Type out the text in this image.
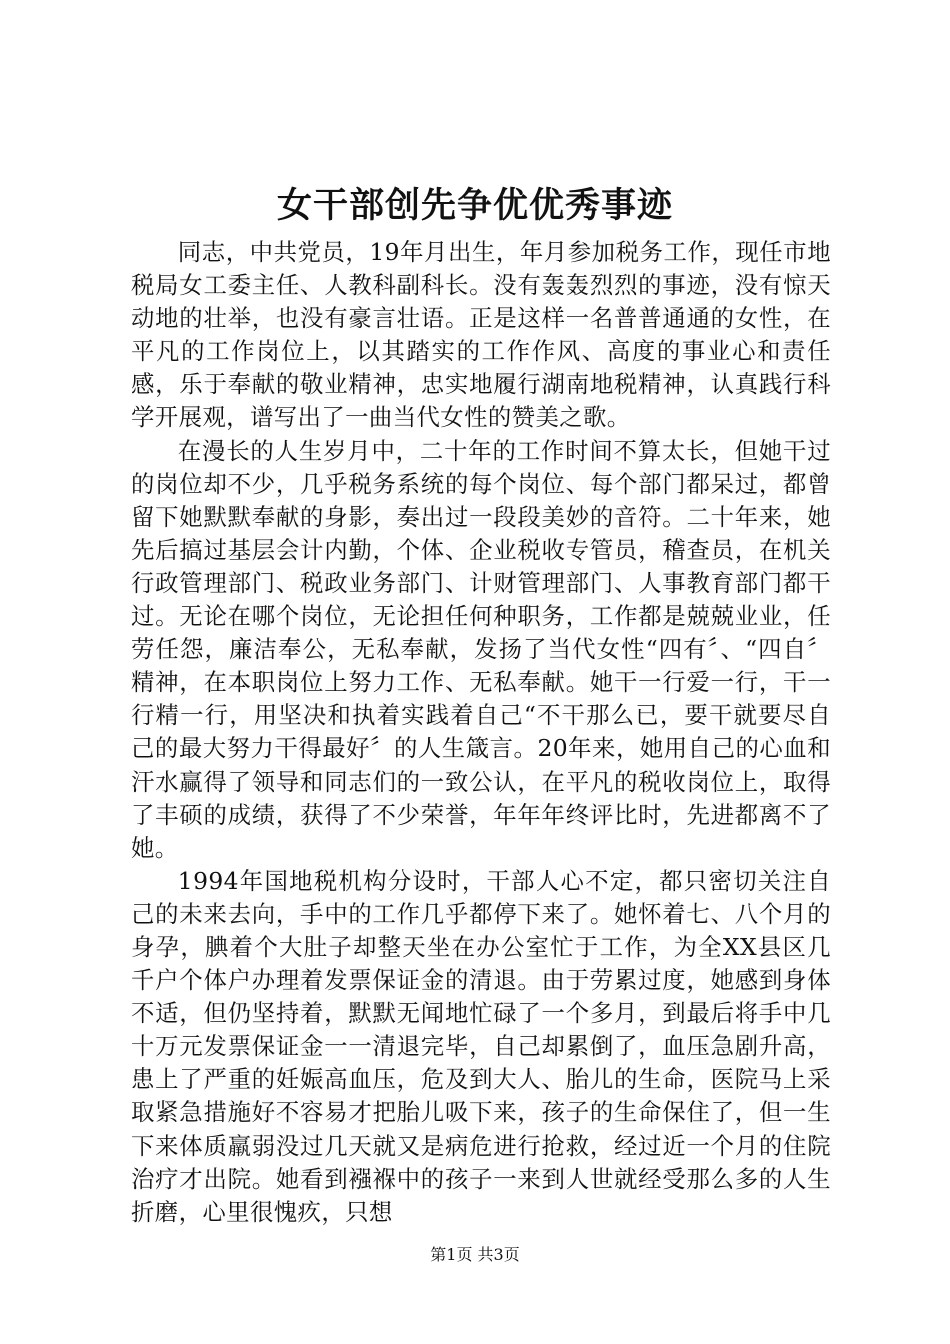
女干部创先争优优秀事迹

同志，中共党员，19年月出生，年月参加税务工作，现任市地税局女工委主任、人教科副科长。没有轰轰烈烈的事迹，没有惊天动地的壮举，也没有豪言壮语。正是这样一名普普通通的女性，在平凡的工作岗位上，以其踏实的工作作风、高度的事业心和责任感，乐于奉献的敬业精神，忠实地履行湖南地税精神，认真践行科学开展观，谱写出了一曲当代女性的赞美之歌。

在漫长的人生岁月中，二十年的工作时间不算太长，但她干过的岗位却不少，几乎税务系统的每个岗位、每个部门都呆过，都曾留下她默默奉献的身影，奏出过一段段美妙的音符。二十年来，她先后搞过基层会计内勤，个体、企业税收专管员，稽查员，在机关行政管理部门、税政业务部门、计财管理部门、人事教育部门都干过。无论在哪个岗位，无论担任何种职务，工作都是兢兢业业，任劳任怨，廉洁奉公，无私奉献，发扬了当代女性“四有〞、“四自〞精神，在本职岗位上努力工作、无私奉献。她干一行爱一行，干一行精一行，用坚决和执着实践着自己“不干那么已，要干就要尽自己的最大努力干得最好〞的人生箴言。20年来，她用自己的心血和汗水赢得了领导和同志们的一致公认，在平凡的税收岗位上，取得了丰硕的成绩，获得了不少荣誉，年年年终评比时，先进都离不了她。

1994年国地税机构分设时，干部人心不定，都只密切关注自己的未来去向，手中的工作几乎都停下来了。她怀着七、八个月的身孕，腆着个大肚子却整天坐在办公室忙于工作，为全XX县区几千户个体户办理着发票保证金的清退。由于劳累过度，她感到身体不适，但仍坚持着，默默无闻地忙碌了一个多月，到最后将手中几十万元发票保证金一一清退完毕，自己却累倒了，血压急剧升高，患上了严重的妊娠高血压，危及到大人、胎儿的生命，医院马上采取紧急措施好不容易才把胎儿吸下来，孩子的生命保住了，但一生下来体质羸弱没过几天就又是病危进行抢救，经过近一个月的住院治疗才出院。她看到襁褓中的孩子一来到人世就经受那么多的人生折磨，心里很愧疚，只想

第1页 共3页
